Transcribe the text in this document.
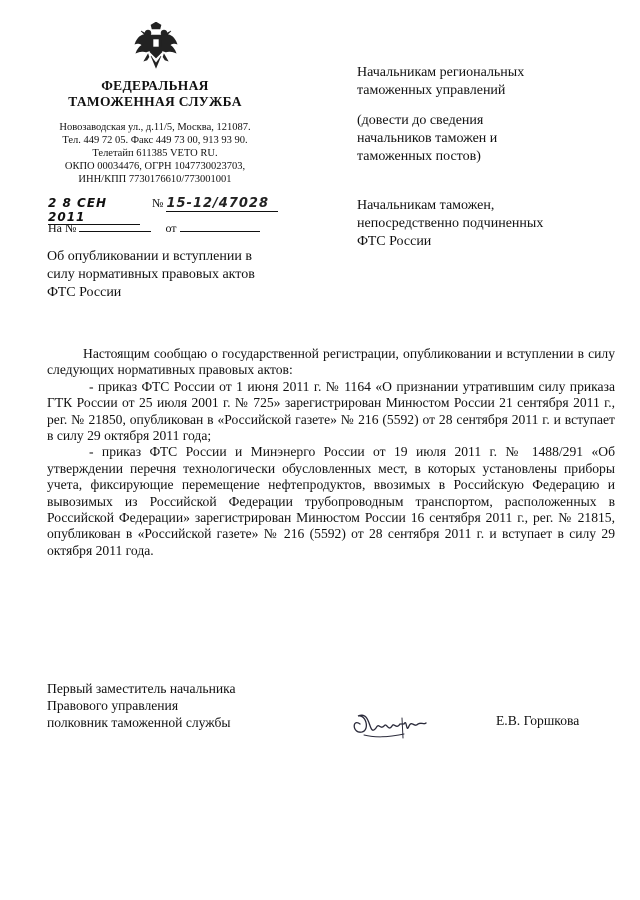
ФЕДЕРАЛЬНАЯ
ТАМОЖЕННАЯ СЛУЖБА
Новозаводская ул., д.11/5, Москва, 121087.
Тел. 449 72 05. Факс 449 73 00, 913 93 90.
Телетайп 611385 VETO RU.
ОКПО 00034476, ОГРН 1047730023703,
ИНН/КПП 7730176610/773001001
2 8 СЕН 2011
№ 15-12/47028
На №	от
Начальникам региональных
таможенных управлений
(довести до сведения
начальников таможен и
таможенных постов)
Начальникам таможен,
непосредственно подчиненных
ФТС России
Об опубликовании и вступлении в
силу нормативных правовых актов
ФТС России

Настоящим сообщаю о государственной регистрации, опубликовании и вступлении в силу следующих нормативных правовых актов:

- приказ ФТС России от 1 июня 2011 г. № 1164 «О признании утратившим силу приказа ГТК России от 25 июля 2001 г. № 725» зарегистрирован Минюстом России 21 сентября 2011 г., рег. № 21850, опубликован в «Российской газете» № 216 (5592) от 28 сентября 2011 г. и вступает в силу 29 октября 2011 года;

- приказ ФТС России и Минэнерго России от 19 июля 2011 г. № 1488/291 «Об утверждении перечня технологически обусловленных мест, в которых установлены приборы учета, фиксирующие перемещение нефтепродуктов, ввозимых в Российскую Федерацию и вывозимых из Российской Федерации трубопроводным транспортом, расположенных в Российской Федерации» зарегистрирован Минюстом России 16 сентября 2011 г., рег. № 21815, опубликован в «Российской газете» № 216 (5592) от 28 сентября 2011 г. и вступает в силу 29 октября 2011 года.

Первый заместитель начальника
Правового управления
полковник таможенной службы	Е.В. Горшкова
